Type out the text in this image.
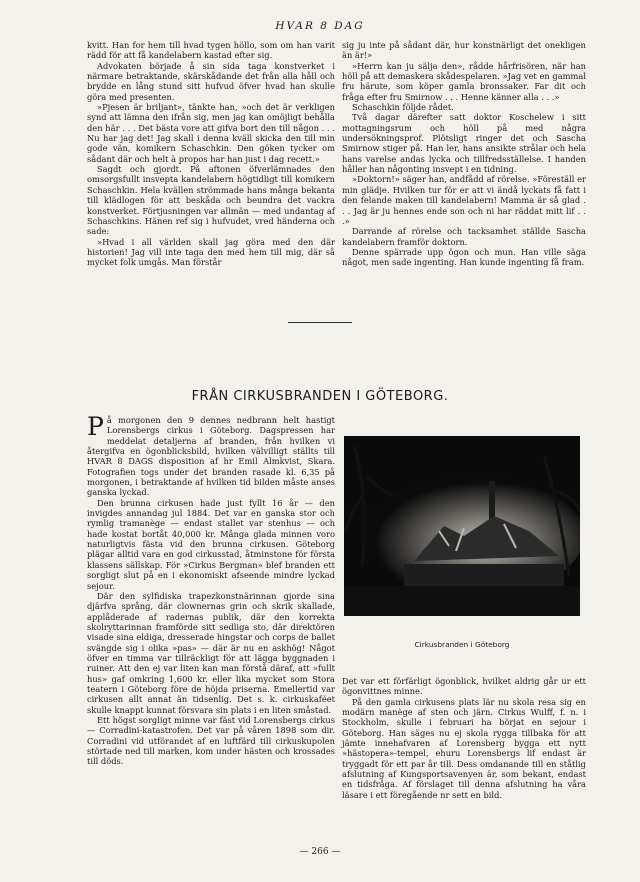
HVAR 8 DAG

kvitt. Han for hem till hvad tygen höllo, som om han varit rädd för att få kandelabern kastad efter sig.

Advokaten började å sin sida taga konstverket i närmare betraktande, skärskådande det från alla håll och brydde en lång stund sitt hufvud öfver hvad han skulle göra med presenten.

»Pjesen är briljant», tänkte han, »och det är verkligen synd att lämna den ifrån sig, men jag kan omöjligt behålla den här . . . Det bästa vore att gifva bort den till någon . . . Nu har jag det! Jag skall i denna kväll skicka den till min gode vän, komikern Schaschkin. Den göken tycker om sådant där och helt à propos har han just i dag recett.»

Sagdt och gjordt. På aftonen öfverlämnades den omsorgsfullt insvepta kandelabern högtidligt till komikern Schaschkin. Hela kvällen strömmade hans många bekanta till klädlogen för att beskåda och beundra det vackra konstverket. Förtjusningen var allmän — med undantag af Schaschkins. Hänen ref sig i hufvudet, vred händerna och sade:

»Hvad i all världen skall jag göra med den där historien! Jag vill inte taga den med hem till mig, där så mycket folk umgås. Man förstår

sig ju inte på sådant där, hur konstnärligt det onekligen än är!»

»Herrn kan ju sälja den», rådde hårfrisören, när han höll på att demaskera skådespelaren. »Jag vet en gammal fru härute, som köper gamla bronssaker. Far dit och fråga efter fru Smirnow . . . Henne känner alla . . .»

Schaschkin följde rådet.

Två dagar därefter satt doktor Koschelew i sitt mottagningsrum och höll på med några undersökningsprof. Plötsligt ringer det och Sascha Smirnow stiger på. Han ler, hans ansikte strålar och hela hans varelse andas lycka och tillfredsställelse. I handen håller han någonting insvept i en tidning.

»Doktorn!» säger han, andfådd af rörelse. »Föreställ er min glädje. Hvilken tur för er att vi ändå lyckats få fatt i den felande maken till kandelabern! Mamma är så glad . . . Jag är ju hennes ende son och ni har räddat mitt lif . . .»

Darrande af rörelse och tacksamhet ställde Sascha kandelabern framför doktorn.

Denne spärrade upp ögon och mun. Han ville säga något, men sade ingenting. Han kunde ingenting få fram.

FRÅN CIRKUSBRANDEN I GÖTEBORG.

På morgonen den 9 dennes nedbrann helt hastigt Lorensbergs cirkus i Göteborg. Dagspressen har meddelat detaljerna af branden, från hvilken vi återgifva en ögonblicksbild, hvilken välvilligt ställts till HVAR 8 DAGS disposition af hr Emil Almkvist, Skara. Fotografien togs under det branden rasade kl. 6,35 på morgonen, i betraktande af hvilken tid bilden måste anses ganska lyckad.

Den brunna cirkusen hade just fyllt 16 år — den invigdes annandag jul 1884. Det var en ganska stor och rymlig tramanège — endast stallet var stenhus — och hade kostat bortåt 40,000 kr. Många glada minnen voro naturligtvis fästa vid den brunna cirkusen. Göteborg plägar alltid vara en god cirkusstad, åtminstone för första klassens sällskap. För »Cirkus Bergman» blef branden ett sorgligt slut på en i ekonomiskt afseende mindre lyckad sejour.

Där den sylfidiska trapezkonstnärinnan gjorde sina djärfva språng, där clownernas grin och skrik skallade, applåderade af radernas publik, där den korrekta skolryttarinnan framförde sitt sedliga sto, där direktören visade sina eldiga, dresserade hingstar och corps de ballet svängde sig i olika »pas» — där är nu en askhög! Något öfver en timma var tillräckligt för att lägga byggnaden i ruiner. Att den ej var liten kan man förstå däraf, att »fullt hus» gaf omkring 1,600 kr. eller lika mycket som Stora teatern i Göteborg före de höjda priserna. Emellertid var cirkusen allt annat än tidsenlig. Det s. k. cirkuskaféet skulle knappt kunnat försvara sin plats i en liten småstad.

Ett högst sorgligt minne var fäst vid Lorensbergs cirkus — Corradini-katastrofen. Det var på våren 1898 som dir. Corradini vid utförandet af en luftfärd till cirkuskupolen störtade ned till marken, kom under hästen och krossades till döds.

Cirkusbranden i Göteborg

Det var ett förfärligt ögonblick, hvilket aldrig går ur ett ögonvittnes minne.

På den gamla cirkusens plats lär nu skola resa sig en modärn manège af sten och järn. Cirkus Wulff, f. n. i Stockholm, skulle i februari ha börjat en sejour i Göteborg. Han säges nu ej skola rygga tillbaka för att jämte innehafvaren af Lorensberg bygga ett nytt »hästopera»-tempel, ehuru Lorensbergs lif endast är tryggadt för ett par år till. Dess omdanande till en ståtlig afslutning af Kungsportsavenyen är, som bekant, endast en tidsfråga. Af förslaget till denna afslutning ha våra läsare i ett föregående nr sett en bild.

— 266 —
